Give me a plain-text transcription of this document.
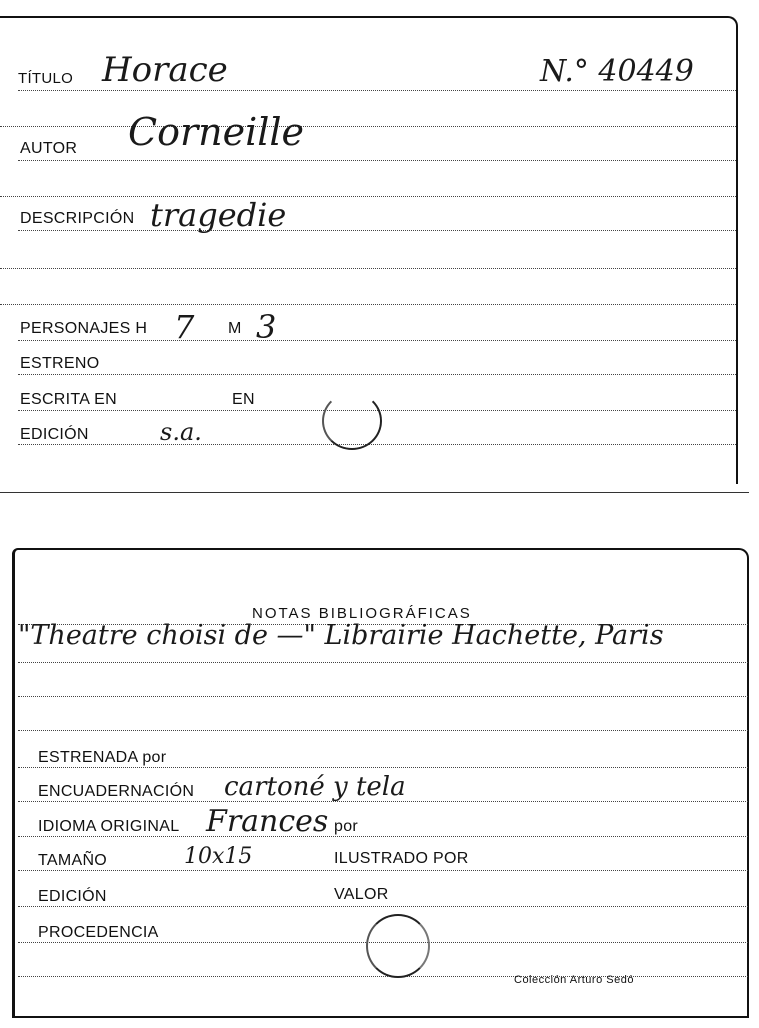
TÍTULO Horace	N.° 40449
AUTOR Corneille
DESCRIPCIÓN tragedie
PERSONAJES H 7 M 3
ESTRENO
ESCRITA EN	EN
EDICIÓN	s.a.
NOTAS BIBLIOGRÁFICAS
"Theatre choisi de —" Librairie Hachette, Paris
ESTRENADA por
ENCUADERNACIÓN cartoné y tela
IDIOMA ORIGINAL Frances por
TAMAÑO	10x15	ILUSTRADO POR
EDICIÓN	VALOR
PROCEDENCIA
Colección Arturo Sedó
